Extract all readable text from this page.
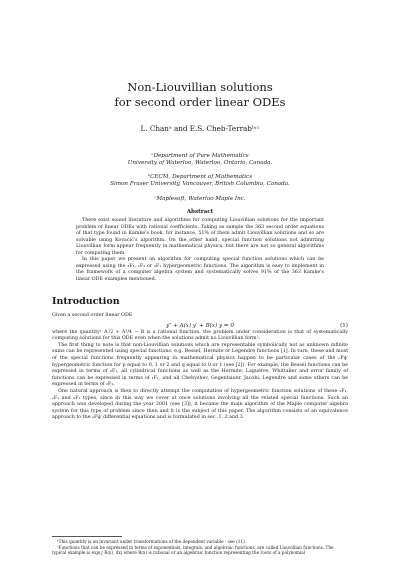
Non-Liouvillian solutions
for second order linear ODEs
L. Chanᵃ and E.S. Cheb-Terrabᵇ˒ᶜ
ᵃDepartment of Pure Mathematics
University of Waterloo, Waterloo, Ontario, Canada.
ᵇCECM, Department of Mathematics
Simon Fraser University, Vancouver, British Columbia, Canada.
ᶜMaplesoft, Waterloo Maple Inc.
Abstract

There exist sound literature and algorithms for computing Liouvillian solutions for the important problem of linear ODEs with rational coefficients. Taking as sample the 363 second order equations of that type found in Kamke's book, for instance, 51% of them admit Liouvillian solutions and so are solvable using Kovacic's algorithm. On the other hand, special function solutions not admitting Liouvillian form appear frequently in mathematical physics, but there are not so general algorithms for computing them.

In this paper we present an algorithm for computing special function solutions which can be expressed using the ₂F₁, ₁F₁ or ₀F₁ hypergeometric functions. The algorithm is easy to implement in the framework of a computer algebra system and systematically solves 91% of the 363 Kamke's linear ODE examples mentioned.

Introduction

Given a second order linear ODE

where the quantity¹ A′/2 + A²/4 − B is a rational function, the problem under consideration is that of systematically computing solutions for this ODE even when the solutions admit no Liouvillian form².

The first thing to note is that non-Liouvillian solutions which are representable symbolically not as unknown infinite sums can be represented using special functions, e.g. Bessel, Hermite or Legendre functions [1]. In turn, these and most of the special functions frequently appearing in mathematical physics happen to be particular cases of the ₚFѱ hypergeometric function for p equal to 0, 1 or 2 and q equal to 0 or 1 (see [2]). For example, the Bessel functions can be expressed in terms of ₀F₁, all cylindrical functions as well as the Hermite, Laguerre, Whittaker and error family of functions can be expressed in terms of ₁F₁, and all Chebyshev, Gegenbauer, Jacobi, Legendre and some others can be expressed in terms of ₂F₁.

One natural approach is then to directly attempt the computation of hypergeometric function solutions of these ₂F₁, ₁F₁ and ₀F₁ types, since in this way we cover at once solutions involving all the related special functions. Such an approach was developed during the year 2001 (see [3]), it became the main algorithm of the Maple computer algebra system for this type of problem since then and it is the subject of this paper. The algorithm consists of an equivalence approach to the ₚFѱ differential equations and is formulated in sec. 1, 2 and 3.

y″ + A(x) y′ + B(x) y = 0	(1)

¹This quantity is an invariant under transformations of the dependent variable - see (11).

²Functions that can be expressed in terms of exponentials, integrals, and algebraic functions, are called Liouvillian functions. The typical example is exp(∫ R(x), dx) where R(x) is rational or an algebraic function representing the roots of a polynomial
